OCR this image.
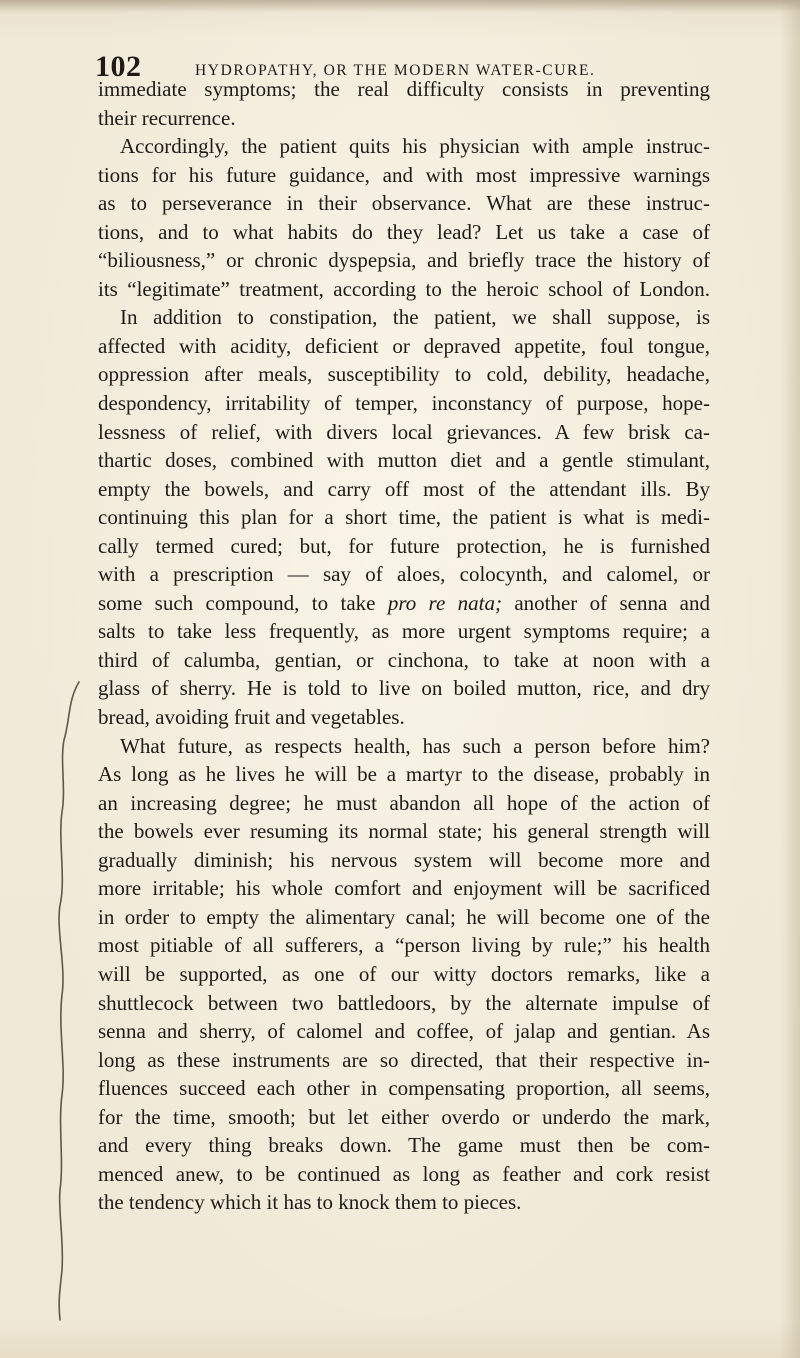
102	HYDROPATHY, OR THE MODERN WATER-CURE.
immediate symptoms; the real difficulty consists in preventing
their recurrence.
Accordingly, the patient quits his physician with ample instruc-
tions for his future guidance, and with most impressive warnings
as to perseverance in their observance. What are these instruc-
tions, and to what habits do they lead? Let us take a case of
“biliousness,” or chronic dyspepsia, and briefly trace the history of
its “legitimate” treatment, according to the heroic school of London.
In addition to constipation, the patient, we shall suppose, is
affected with acidity, deficient or depraved appetite, foul tongue,
oppression after meals, susceptibility to cold, debility, headache,
despondency, irritability of temper, inconstancy of purpose, hope-
lessness of relief, with divers local grievances. A few brisk ca-
thartic doses, combined with mutton diet and a gentle stimulant,
empty the bowels, and carry off most of the attendant ills. By
continuing this plan for a short time, the patient is what is medi-
cally termed cured; but, for future protection, he is furnished
with a prescription — say of aloes, colocynth, and calomel, or
some such compound, to take pro re nata; another of senna and
salts to take less frequently, as more urgent symptoms require; a
third of calumba, gentian, or cinchona, to take at noon with a
glass of sherry. He is told to live on boiled mutton, rice, and dry
bread, avoiding fruit and vegetables.
What future, as respects health, has such a person before him?
As long as he lives he will be a martyr to the disease, probably in
an increasing degree; he must abandon all hope of the action of
the bowels ever resuming its normal state; his general strength will
gradually diminish; his nervous system will become more and
more irritable; his whole comfort and enjoyment will be sacrificed
in order to empty the alimentary canal; he will become one of the
most pitiable of all sufferers, a “person living by rule;” his health
will be supported, as one of our witty doctors remarks, like a
shuttlecock between two battledoors, by the alternate impulse of
senna and sherry, of calomel and coffee, of jalap and gentian. As
long as these instruments are so directed, that their respective in-
fluences succeed each other in compensating proportion, all seems,
for the time, smooth; but let either overdo or underdo the mark,
and every thing breaks down. The game must then be com-
menced anew, to be continued as long as feather and cork resist
the tendency which it has to knock them to pieces.
